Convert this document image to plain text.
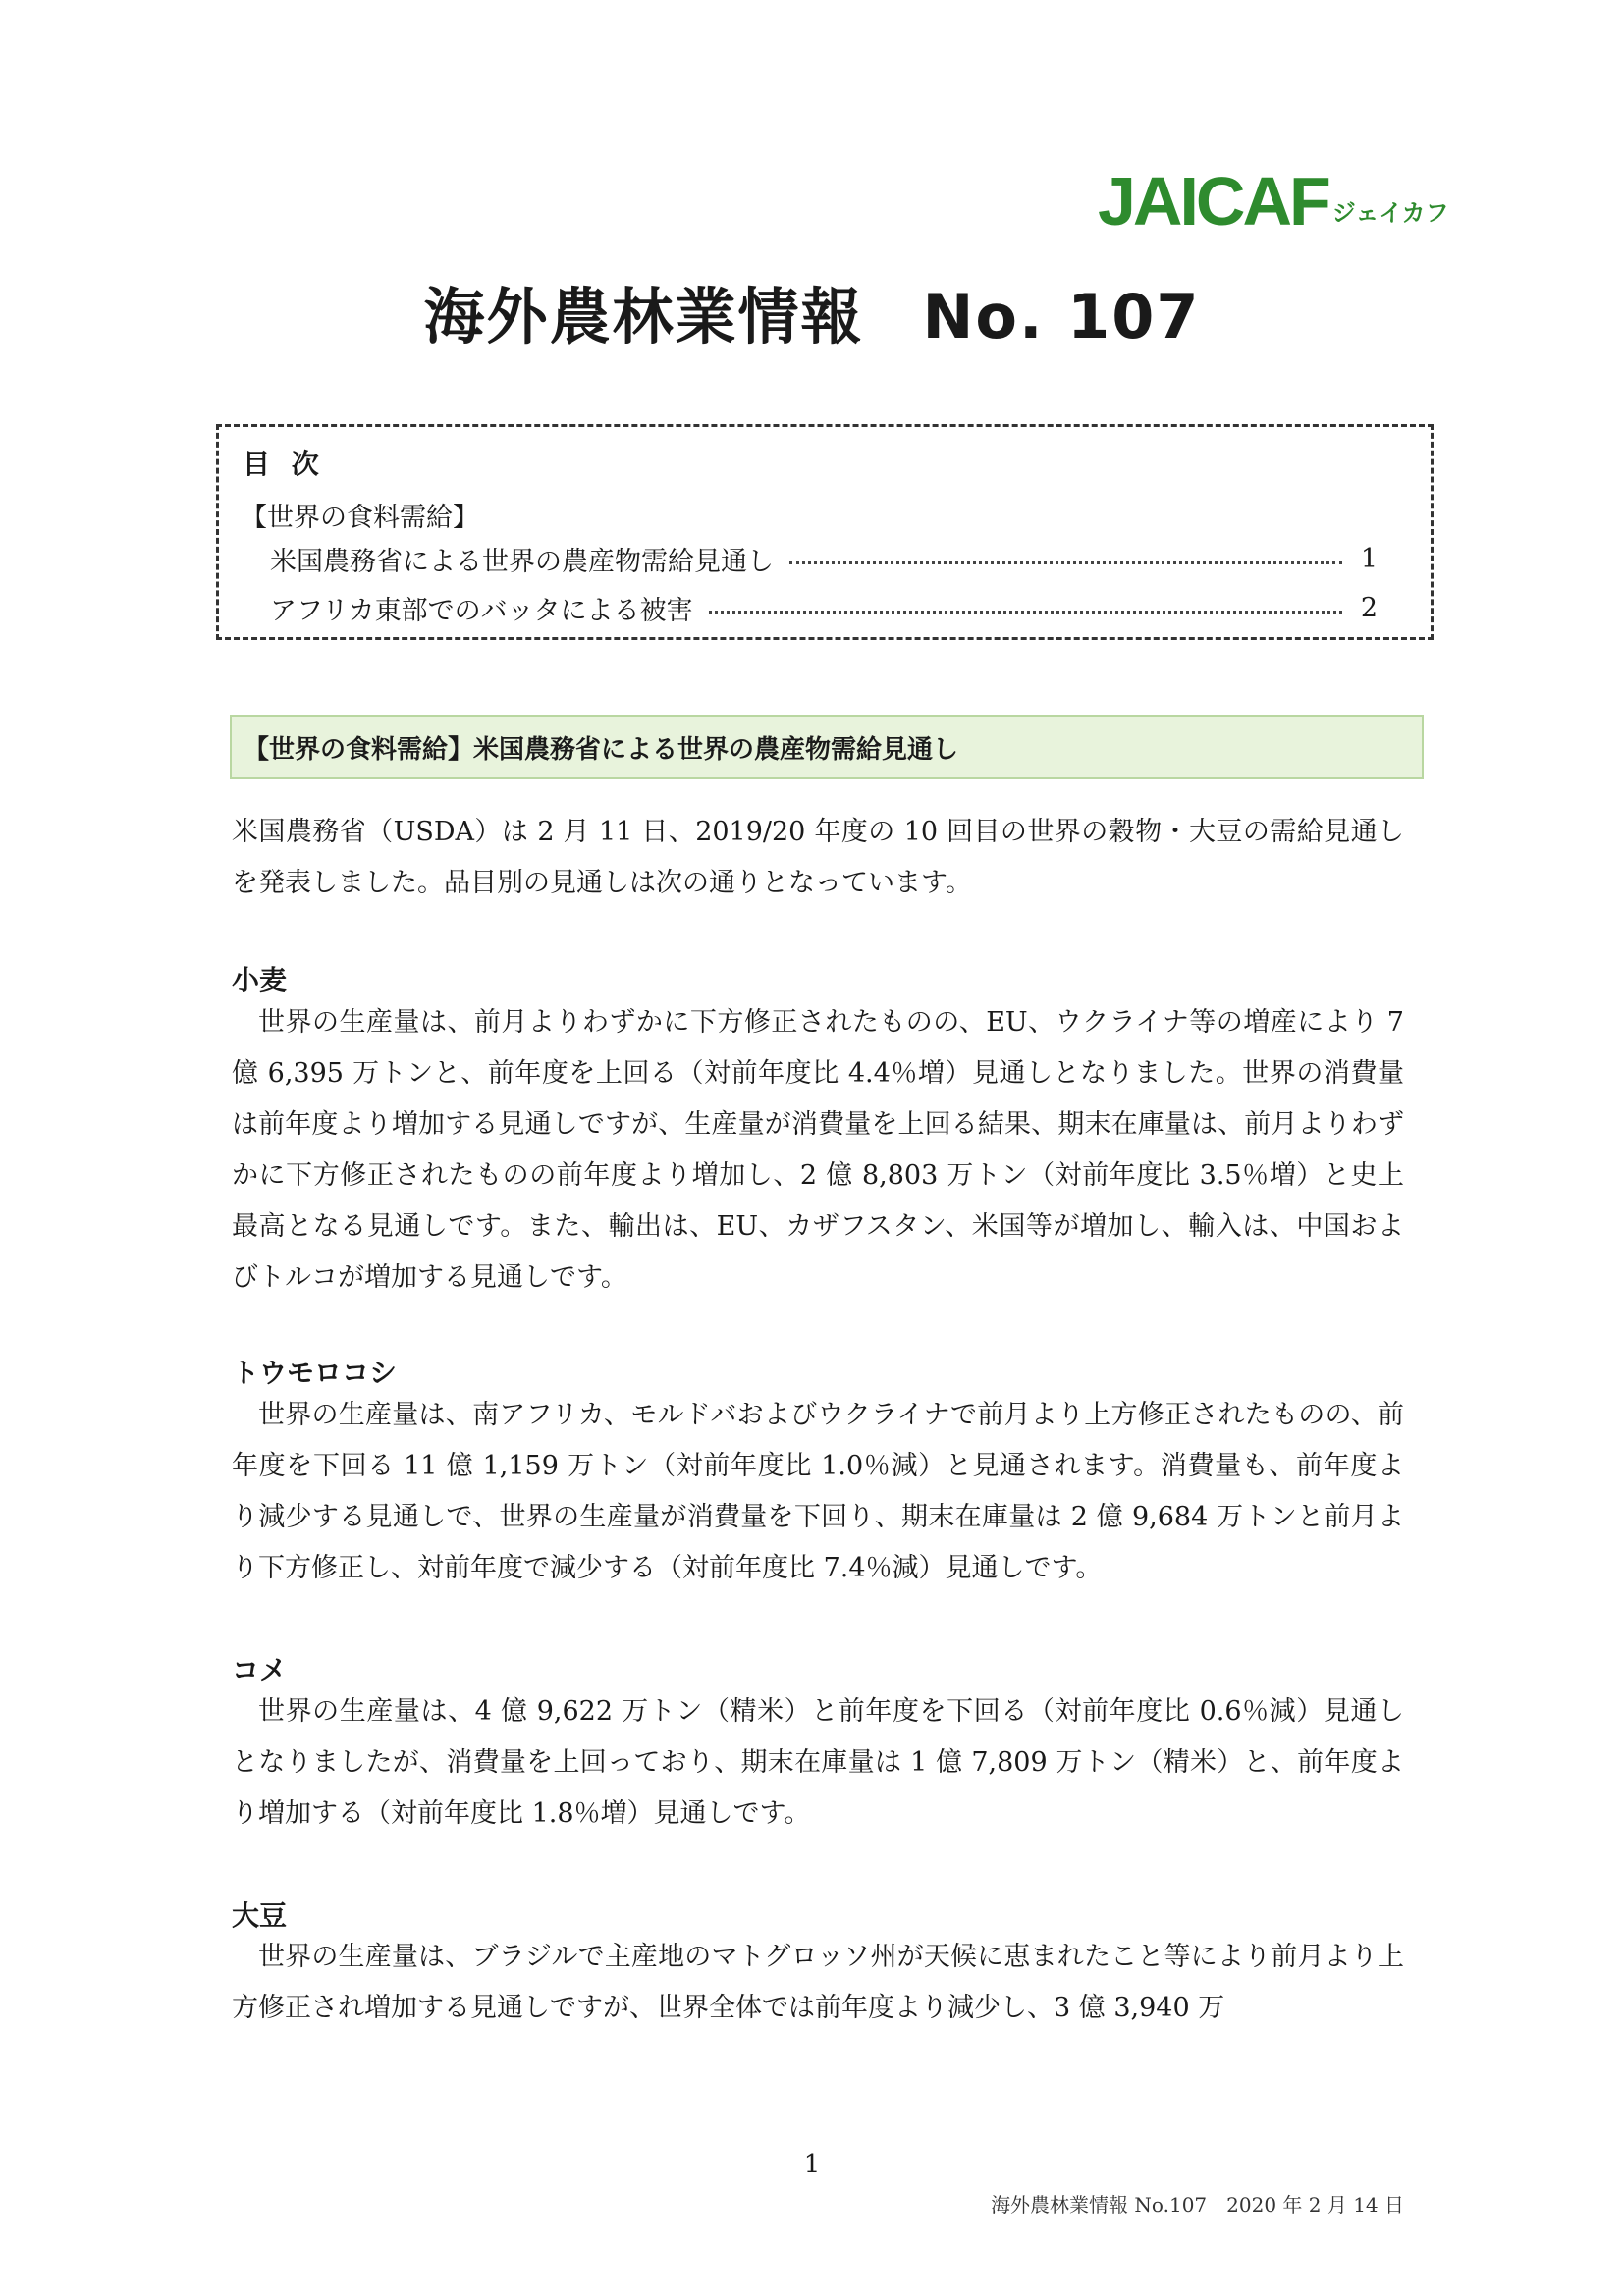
JAICAF ジェイカフ
海外農林業情報 No. 107
目 次
【世界の食料需給】
米国農務省による世界の農産物需給見通し	1
アフリカ東部でのバッタによる被害	2
【世界の食料需給】米国農務省による世界の農産物需給見通し

米国農務省（USDA）は 2 月 11 日、2019/20 年度の 10 回目の世界の穀物・大豆の需給見通しを発表しました。品目別の見通しは次の通りとなっています。

小麦

世界の生産量は、前月よりわずかに下方修正されたものの、EU、ウクライナ等の増産により 7 億 6,395 万トンと、前年度を上回る（対前年度比 4.4％増）見通しとなりました。世界の消費量は前年度より増加する見通しですが、生産量が消費量を上回る結果、期末在庫量は、前月よりわずかに下方修正されたものの前年度より増加し、2 億 8,803 万トン（対前年度比 3.5％増）と史上最高となる見通しです。また、輸出は、EU、カザフスタン、米国等が増加し、輸入は、中国およびトルコが増加する見通しです。

トウモロコシ

世界の生産量は、南アフリカ、モルドバおよびウクライナで前月より上方修正されたものの、前年度を下回る 11 億 1,159 万トン（対前年度比 1.0％減）と見通されます。消費量も、前年度より減少する見通しで、世界の生産量が消費量を下回り、期末在庫量は 2 億 9,684 万トンと前月より下方修正し、対前年度で減少する（対前年度比 7.4％減）見通しです。

コメ

世界の生産量は、4 億 9,622 万トン（精米）と前年度を下回る（対前年度比 0.6％減）見通しとなりましたが、消費量を上回っており、期末在庫量は 1 億 7,809 万トン（精米）と、前年度より増加する（対前年度比 1.8％増）見通しです。

大豆

世界の生産量は、ブラジルで主産地のマトグロッソ州が天候に恵まれたこと等により前月より上方修正され増加する見通しですが、世界全体では前年度より減少し、3 億 3,940 万

1
海外農林業情報 No.107　2020 年 2 月 14 日
